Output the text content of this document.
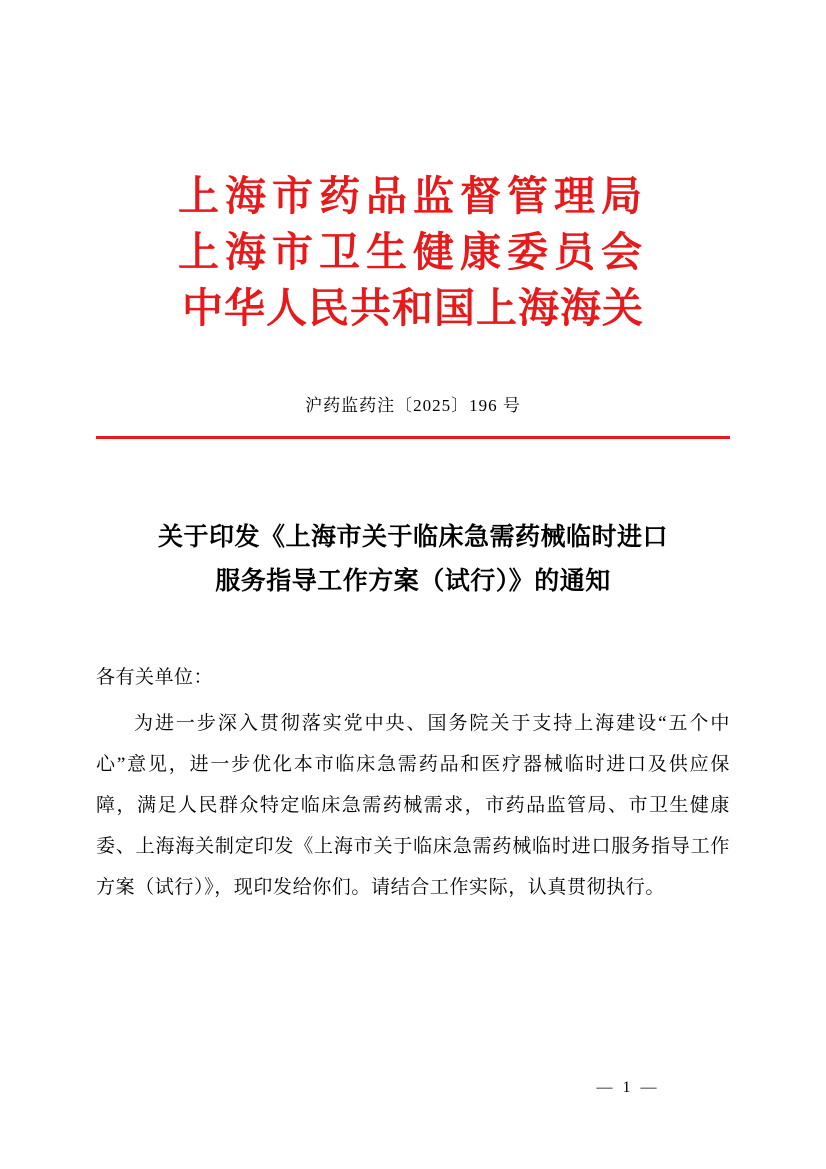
上海市药品监督管理局
上海市卫生健康委员会
中华人民共和国上海海关
沪药监药注〔2025〕196 号
关于印发《上海市关于临床急需药械临时进口
服务指导工作方案（试行）》的通知
各有关单位：
为进一步深入贯彻落实党中央、国务院关于支持上海建设“五个中心”意见，进一步优化本市临床急需药品和医疗器械临时进口及供应保障，满足人民群众特定临床急需药械需求，市药品监管局、市卫生健康委、上海海关制定印发《上海市关于临床急需药械临时进口服务指导工作方案（试行）》，现印发给你们。请结合工作实际，认真贯彻执行。
— 1 —
